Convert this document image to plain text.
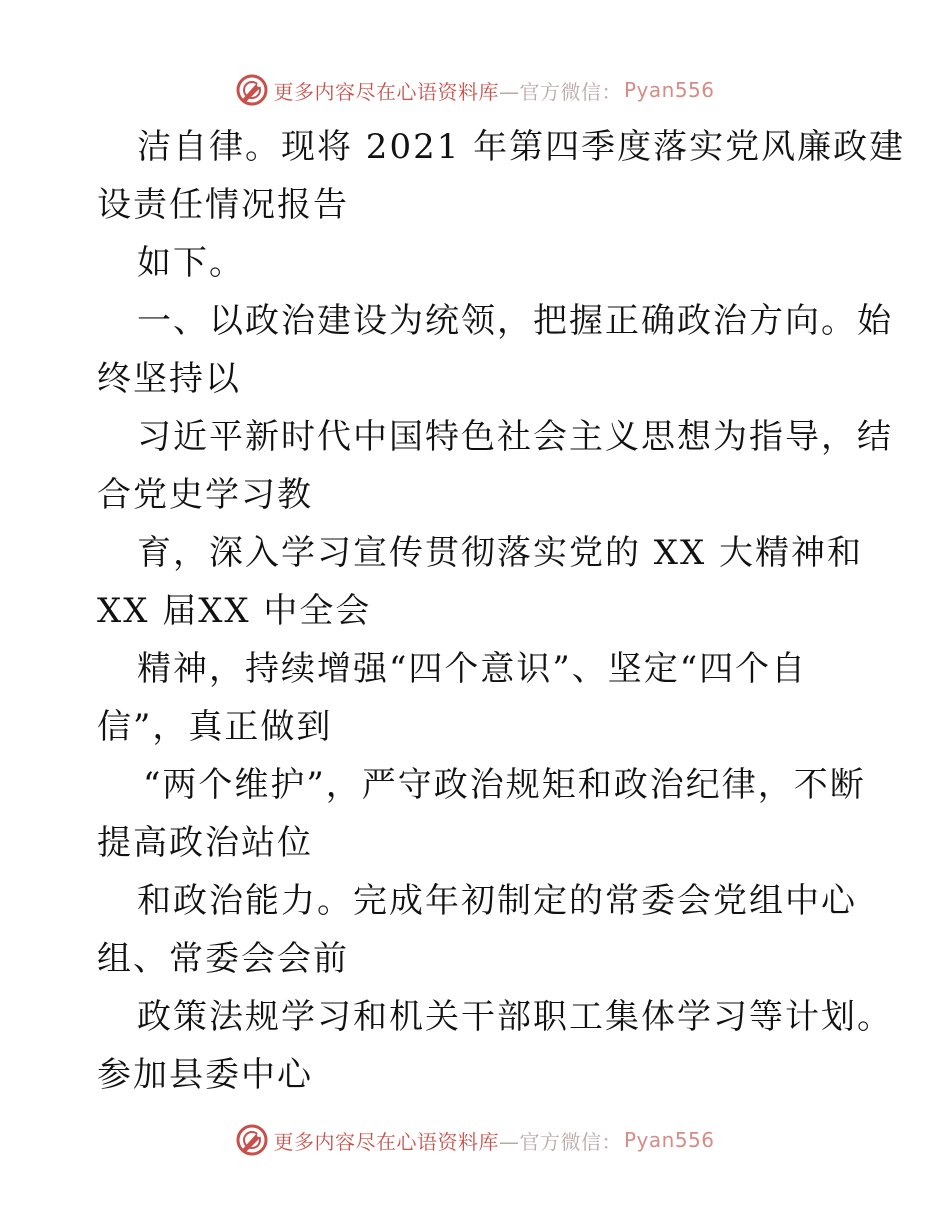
更多内容尽在心语资料库 —官方微信： Pyan556
洁自律。现将 2021 年第四季度落实党风廉政建
设责任情况报告
如下。
一、以政治建设为统领，把握正确政治方向。始
终坚持以
习近平新时代中国特色社会主义思想为指导，结
合党史学习教
育，深入学习宣传贯彻落实党的 XX 大精神和
XX 届XX 中全会
精神，持续增强“四个意识”、坚定“四个自
信”，真正做到
“两个维护”，严守政治规矩和政治纪律，不断
提高政治站位
和政治能力。完成年初制定的常委会党组中心
组、常委会会前
政策法规学习和机关干部职工集体学习等计划。
参加县委中心
更多内容尽在心语资料库 —官方微信： Pyan556
